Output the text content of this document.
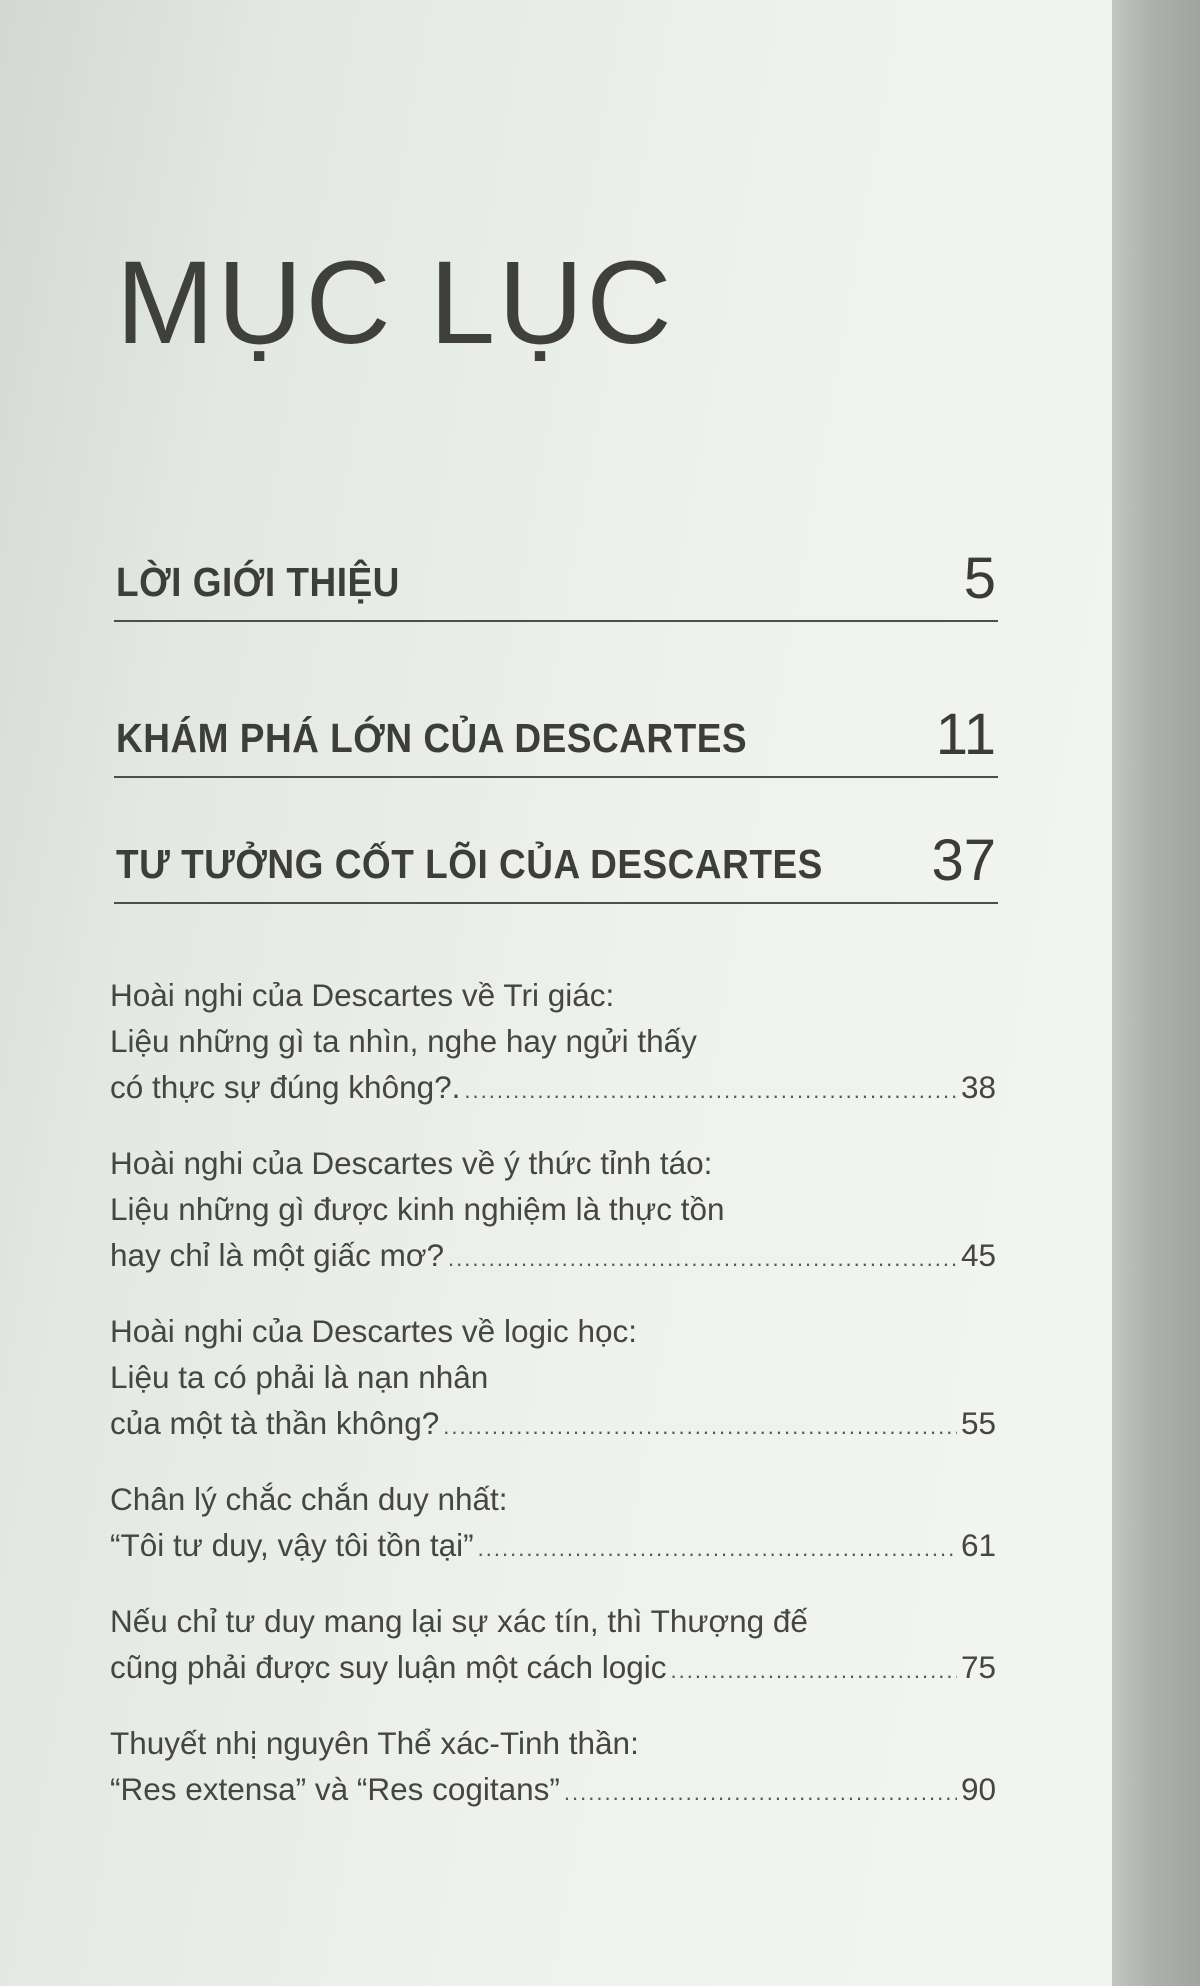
MỤC LỤC
LỜI GIỚI THIỆU	5
KHÁM PHÁ LỚN CỦA DESCARTES	11
TƯ TƯỞNG CỐT LÕI CỦA DESCARTES 37
Hoài nghi của Descartes về Tri giác:
Liệu những gì ta nhìn, nghe hay ngửi thấy
có thực sự đúng không?. .....	38
Hoài nghi của Descartes về ý thức tỉnh táo:
Liệu những gì được kinh nghiệm là thực tồn
hay chỉ là một giấc mơ? .....	45
Hoài nghi của Descartes về logic học:
Liệu ta có phải là nạn nhân
của một tà thần không? .....	55
Chân lý chắc chắn duy nhất:
“Tôi tư duy, vậy tôi tồn tại” .....	61
Nếu chỉ tư duy mang lại sự xác tín, thì Thượng đế
cũng phải được suy luận một cách logic .....	75
Thuyết nhị nguyên Thể xác-Tinh thần:
“Res extensa” và “Res cogitans” .....	90
